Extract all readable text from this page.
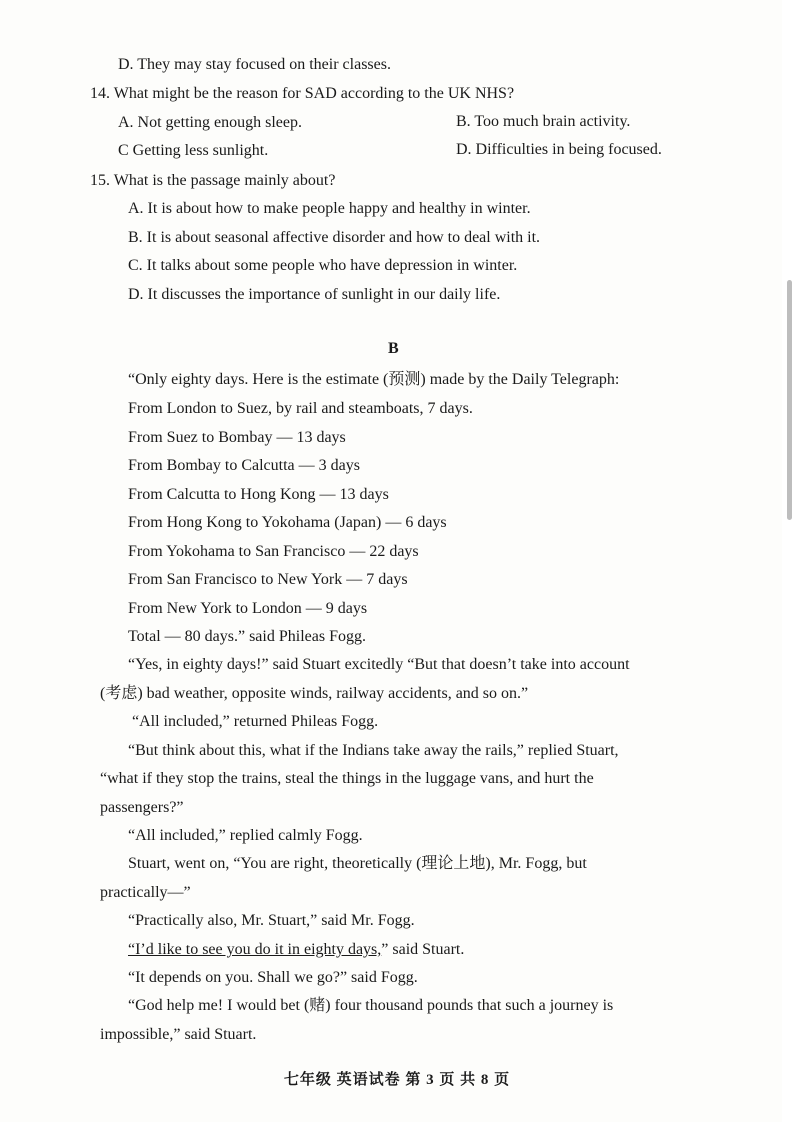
D. They may stay focused on their classes.
14. What might be the reason for SAD according to the UK NHS?
A. Not getting enough sleep.	B. Too much brain activity.
C Getting less sunlight.	D. Difficulties in being focused.
15. What is the passage mainly about?
A. It is about how to make people happy and healthy in winter.
B. It is about seasonal affective disorder and how to deal with it.
C. It talks about some people who have depression in winter.
D. It discusses the importance of sunlight in our daily life.
B
“Only eighty days. Here is the estimate (预测) made by the Daily Telegraph:
From London to Suez, by rail and steamboats, 7 days.
From Suez to Bombay — 13 days
From Bombay to Calcutta — 3 days
From Calcutta to Hong Kong — 13 days
From Hong Kong to Yokohama (Japan) — 6 days
From Yokohama to San Francisco — 22 days
From San Francisco to New York — 7 days
From New York to London — 9 days
Total — 80 days.” said Phileas Fogg.
“Yes, in eighty days!” said Stuart excitedly “But that doesn’t take into account
(考虑) bad weather, opposite winds, railway accidents, and so on.”
“All included,” returned Phileas Fogg.
“But think about this, what if the Indians take away the rails,” replied Stuart,
“what if they stop the trains, steal the things in the luggage vans, and hurt the
passengers?”
“All included,” replied calmly Fogg.
Stuart, went on, “You are right, theoretically (理论上地), Mr. Fogg, but
practically—”
“Practically also, Mr. Stuart,” said Mr. Fogg.
“I’d like to see you do it in eighty days,” said Stuart.
“It depends on you. Shall we go?” said Fogg.
“God help me! I would bet (赌) four thousand pounds that such a journey is
impossible,” said Stuart.
七年级 英语试卷 第 3 页 共 8 页
